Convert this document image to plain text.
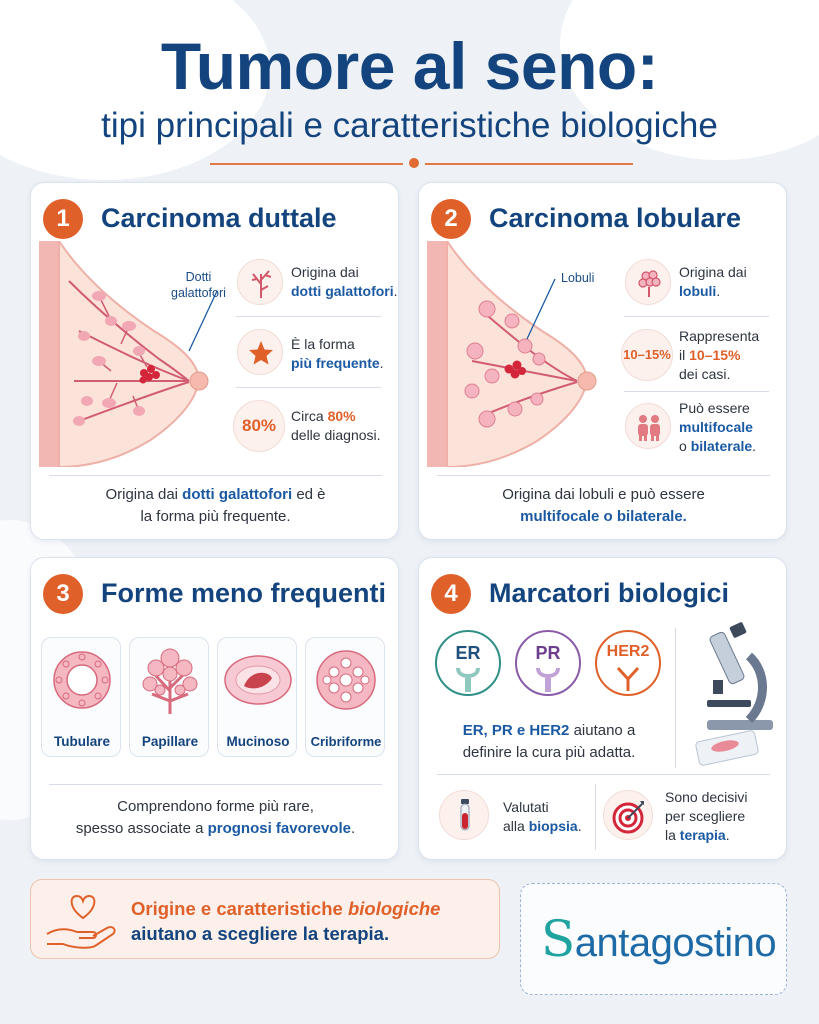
Tumore al seno:
tipi principali e caratteristiche biologiche
1	Carcinoma duttale
Dotti
galattofori
Origina dai
dotti galattofori.
È la forma
più frequente.
80%	Circa 80%
delle diagnosi.
Origina dai dotti galattofori ed è
la forma più frequente.
2	Carcinoma lobulare
Lobuli	Origina dai
lobuli.
10–15%
Rappresenta
il 10–15%
dei casi.
Può essere
multifocale
o bilaterale.
Origina dai lobuli e può essere
multifocale o bilaterale.
3	Forme meno frequenti
Tubulare	Papillare	Mucinoso	Cribriforme
Comprendono forme più rare,
spesso associate a prognosi favorevole.
4	Marcatori biologici
ER	PR	HER2
ER, PR e HER2 aiutano a
definire la cura più adatta.
Valutati
alla biopsia.
Sono decisivi
per scegliere
la terapia.
Origine e caratteristiche biologiche
aiutano a scegliere la terapia.	Santagostino
